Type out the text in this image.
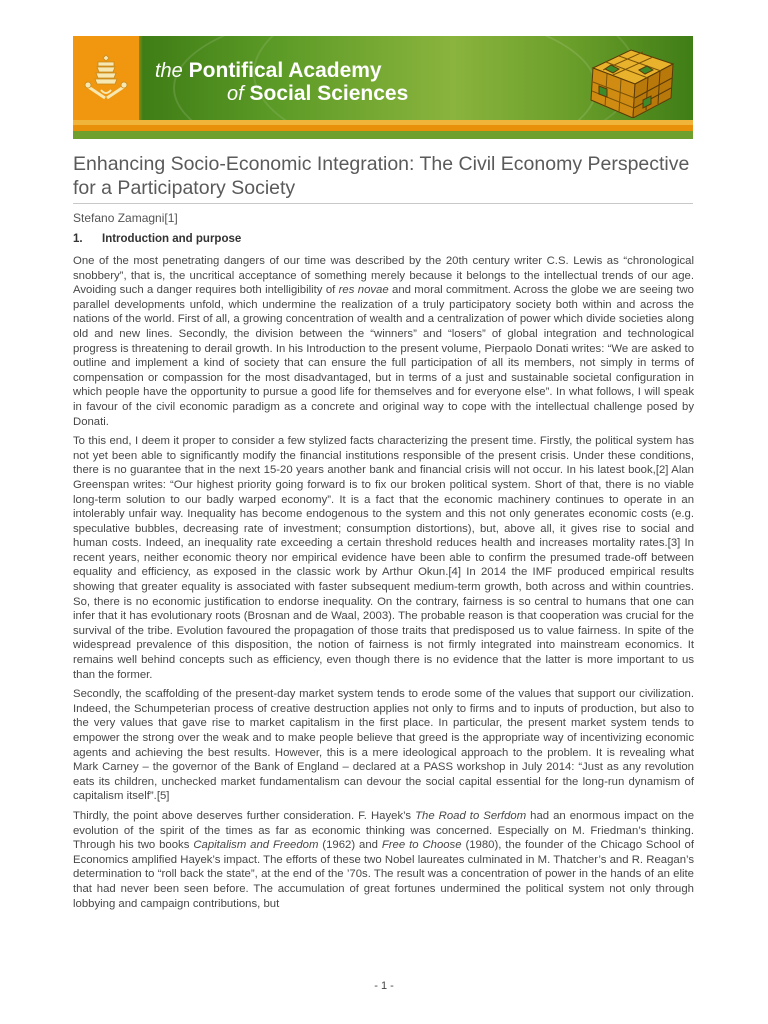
the Pontifical Academy
of Social Sciences
Enhancing Socio-Economic Integration: The Civil Economy Perspective for a Participatory Society
Stefano Zamagni[1]
1. Introduction and purpose

One of the most penetrating dangers of our time was described by the 20th century writer C.S. Lewis as “chronological snobbery”, that is, the uncritical acceptance of something merely because it belongs to the intellectual trends of our age. Avoiding such a danger requires both intelligibility of res novae and moral commitment. Across the globe we are seeing two parallel developments unfold, which undermine the realization of a truly participatory society both within and across the nations of the world. First of all, a growing concentration of wealth and a centralization of power which divide societies along old and new lines. Secondly, the division between the “winners” and “losers” of global integration and technological progress is threatening to derail growth. In his Introduction to the present volume, Pierpaolo Donati writes: “We are asked to outline and implement a kind of society that can ensure the full participation of all its members, not simply in terms of compensation or compassion for the most disadvantaged, but in terms of a just and sustainable societal configuration in which people have the opportunity to pursue a good life for themselves and for everyone else”. In what follows, I will speak in favour of the civil economic paradigm as a concrete and original way to cope with the intellectual challenge posed by Donati.

To this end, I deem it proper to consider a few stylized facts characterizing the present time. Firstly, the political system has not yet been able to significantly modify the financial institutions responsible of the present crisis. Under these conditions, there is no guarantee that in the next 15-20 years another bank and financial crisis will not occur. In his latest book,[2] Alan Greenspan writes: “Our highest priority going forward is to fix our broken political system. Short of that, there is no viable long-term solution to our badly warped economy”. It is a fact that the economic machinery continues to operate in an intolerably unfair way. Inequality has become endogenous to the system and this not only generates economic costs (e.g. speculative bubbles, decreasing rate of investment; consumption distortions), but, above all, it gives rise to social and human costs. Indeed, an inequality rate exceeding a certain threshold reduces health and increases mortality rates.[3] In recent years, neither economic theory nor empirical evidence have been able to confirm the presumed trade-off between equality and efficiency, as exposed in the classic work by Arthur Okun.[4] In 2014 the IMF produced empirical results showing that greater equality is associated with faster subsequent medium-term growth, both across and within countries. So, there is no economic justification to endorse inequality. On the contrary, fairness is so central to humans that one can infer that it has evolutionary roots (Brosnan and de Waal, 2003). The probable reason is that cooperation was crucial for the survival of the tribe. Evolution favoured the propagation of those traits that predisposed us to value fairness. In spite of the widespread prevalence of this disposition, the notion of fairness is not firmly integrated into mainstream economics. It remains well behind concepts such as efficiency, even though there is no evidence that the latter is more important to us than the former.

Secondly, the scaffolding of the present-day market system tends to erode some of the values that support our civilization. Indeed, the Schumpeterian process of creative destruction applies not only to firms and to inputs of production, but also to the very values that gave rise to market capitalism in the first place. In particular, the present market system tends to empower the strong over the weak and to make people believe that greed is the appropriate way of incentivizing economic agents and achieving the best results. However, this is a mere ideological approach to the problem. It is revealing what Mark Carney – the governor of the Bank of England – declared at a PASS workshop in July 2014: “Just as any revolution eats its children, unchecked market fundamentalism can devour the social capital essential for the long-run dynamism of capitalism itself”.[5]

Thirdly, the point above deserves further consideration. F. Hayek’s The Road to Serfdom had an enormous impact on the evolution of the spirit of the times as far as economic thinking was concerned. Especially on M. Friedman’s thinking. Through his two books Capitalism and Freedom (1962) and Free to Choose (1980), the founder of the Chicago School of Economics amplified Hayek’s impact. The efforts of these two Nobel laureates culminated in M. Thatcher’s and R. Reagan’s determination to “roll back the state”, at the end of the ’70s. The result was a concentration of power in the hands of an elite that had never been seen before. The accumulation of great fortunes undermined the political system not only through lobbying and campaign contributions, but

- 1 -
